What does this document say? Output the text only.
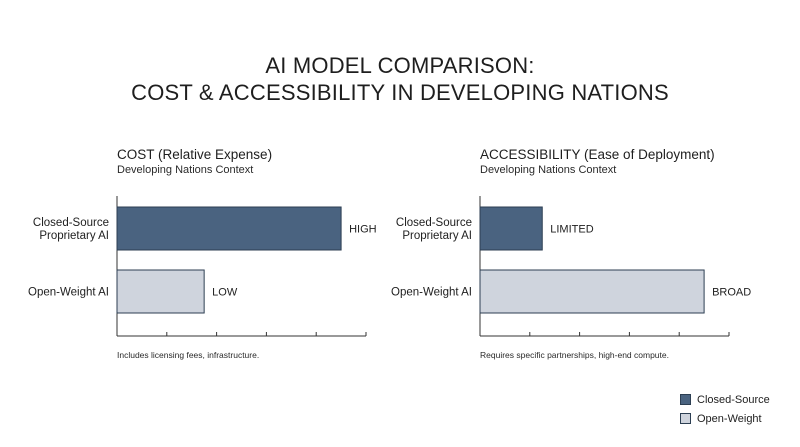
AI MODEL COMPARISON:
COST & ACCESSIBILITY IN DEVELOPING NATIONS
COST (Relative Expense)
Developing Nations Context
Includes licensing fees, infrastructure.
ACCESSIBILITY (Ease of Deployment)
Developing Nations Context
Requires specific partnerships, high-end compute.
HIGH
Closed-Source
Proprietary AI
LOW
Open-Weight AI
LIMITED
Closed-Source
Proprietary AI
BROAD
Open-Weight AI
Closed-Source
Open-Weight
